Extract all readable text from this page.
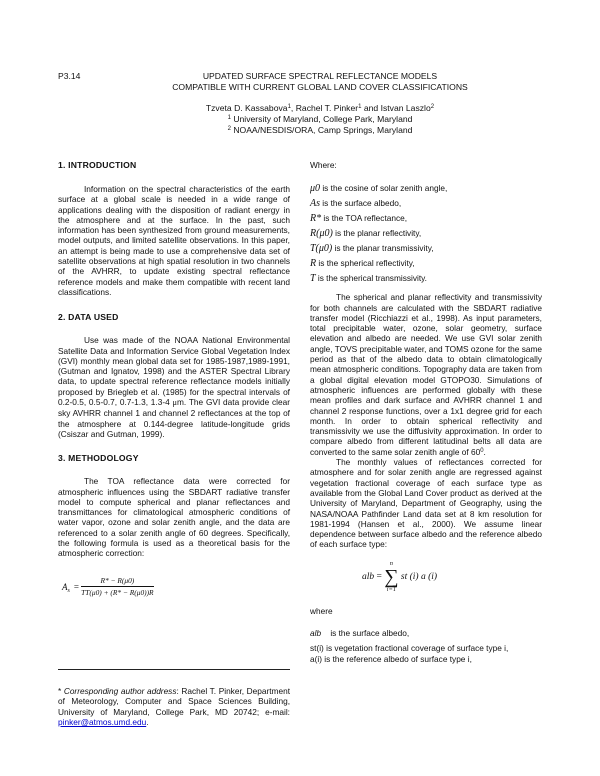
P3.14	UPDATED SURFACE SPECTRAL REFLECTANCE MODELS
COMPATIBLE WITH CURRENT GLOBAL LAND COVER CLASSIFICATIONS
Tzveta D. Kassabova$^1$, Rachel T. Pinker$^1$ and Istvan Laszlo$^2$
$^1$ University of Maryland, College Park, Maryland
$^2$ NOAA/NESDIS/ORA, Camp Springs, Maryland
1. INTRODUCTION
Information on the spectral characteristics of the earth surface at a global scale is needed in a wide range of applications dealing with the disposition of radiant energy in the atmosphere and at the surface. In the past, such information has been synthesized from ground measurements, model outputs, and limited satellite observations. In this paper, an attempt is being made to use a comprehensive data set of satellite observations at high spatial resolution in two channels of the AVHRR, to update existing spectral reflectance reference models and make them compatible with recent land classifications.
2. DATA USED
Use was made of the NOAA National Environmental Satellite Data and Information Service Global Vegetation Index (GVI) monthly mean global data set for 1985-1987,1989-1991, (Gutman and Ignatov, 1998) and the ASTER Spectral Library data, to update spectral reference reflectance models initially proposed by Briegleb et al. (1985) for the spectral intervals of 0.2-0.5, 0.5-0.7, 0.7-1.3, 1.3-4 μm. The GVI data provide clear sky AVHRR channel 1 and channel 2 reflectances at the top of the atmosphere at 0.144-degree latitude-longitude grids (Csiszar and Gutman, 1999).
3. METHODOLOGY
The TOA reflectance data were corrected for atmospheric influences using the SBDART radiative transfer model to compute spherical and planar reflectances and transmittances for climatological atmospheric conditions of water vapor, ozone and solar zenith angle, and the data are referenced to a solar zenith angle of 60 degrees. Specifically, the following formula is used as a theoretical basis for the atmospheric correction:
$A_s = \frac{R* - R(\mu 0)}{TT(\mu 0) + (R* - R(\mu 0))R}$
* Corresponding author address: Rachel T. Pinker, Department of Meteorology, Computer and Space Sciences Building, University of Maryland, College Park, MD 20742; e-mail: pinker@atmos.umd.edu.
Where:
μ0 is the cosine of solar zenith angle,
As is the surface albedo,
R* is the TOA reflectance,
R(μ0) is the planar reflectivity,
T(μ0) is the planar transmissivity,
R is the spherical reflectivity,
T is the spherical transmissivity.
The spherical and planar reflectivity and transmissivity for both channels are calculated with the SBDART radiative transfer model (Ricchiazzi et al., 1998). As input parameters, total precipitable water, ozone, solar geometry, surface elevation and albedo are needed. We use GVI solar zenith angle, TOVS precipitable water, and TOMS ozone for the same period as that of the albedo data to obtain climatologically mean atmospheric conditions. Topography data are taken from a global digital elevation model GTOPO30. Simulations of atmospheric influences are performed globally with these mean profiles and dark surface and AVHRR channel 1 and channel 2 response functions, over a 1x1 degree grid for each month. In order to obtain spherical reflectivity and transmissivity we use the diffusivity approximation. In order to compare albedo from different latitudinal belts all data are converted to the same solar zenith angle of $60^0$.
The monthly values of reflectances corrected for atmosphere and for solar zenith angle are regressed against vegetation fractional coverage of each surface type as available from the Global Land Cover product as derived at the University of Maryland, Department of Geography, using the NASA/NOAA Pathfinder Land data set at 8 km resolution for 1981-1994 (Hansen et al., 2000). We assume linear dependence between surface albedo and the reference albedo of each surface type:
alb =
n
∑
i=1
st (i) a (i)
where
alb is the surface albedo,
st(i) is vegetation fractional coverage of surface type i,
a(i) is the reference albedo of surface type i,
